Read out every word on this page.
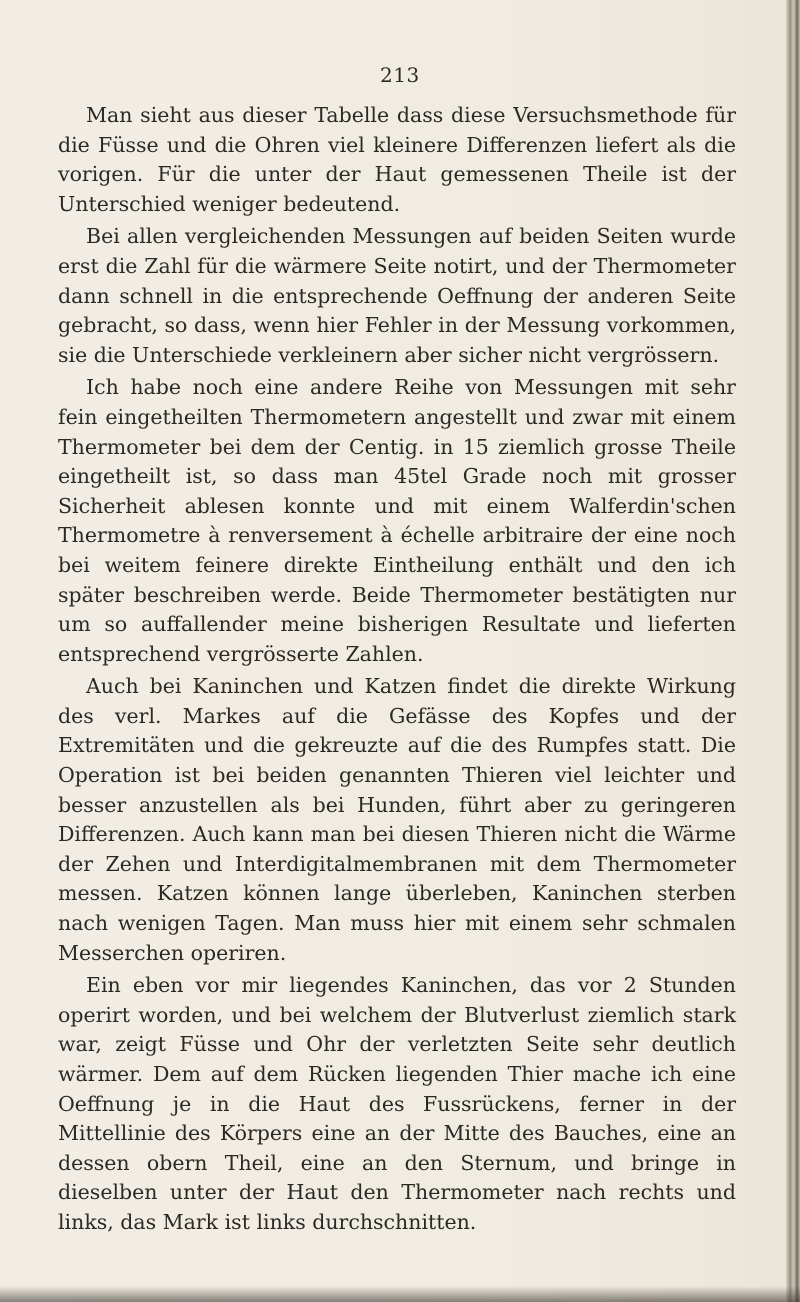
213

Man sieht aus dieser Tabelle dass diese Versuchsmethode für die Füsse und die Ohren viel kleinere Differenzen liefert als die vorigen. Für die unter der Haut gemessenen Theile ist der Unterschied weniger bedeutend.

Bei allen vergleichenden Messungen auf beiden Seiten wurde erst die Zahl für die wärmere Seite notirt, und der Thermometer dann schnell in die entsprechende Oeffnung der anderen Seite gebracht, so dass, wenn hier Fehler in der Messung vorkommen, sie die Unterschiede verkleinern aber sicher nicht vergrössern.

Ich habe noch eine andere Reihe von Messungen mit sehr fein eingetheilten Thermometern angestellt und zwar mit einem Thermometer bei dem der Centig. in 15 ziemlich grosse Theile eingetheilt ist, so dass man 45tel Grade noch mit grosser Sicherheit ablesen konnte und mit einem Walferdin'schen Thermometre à renversement à échelle arbitraire der eine noch bei weitem feinere direkte Eintheilung enthält und den ich später beschreiben werde. Beide Thermometer bestätigten nur um so auffallender meine bisherigen Resultate und lieferten entsprechend vergrösserte Zahlen.

Auch bei Kaninchen und Katzen findet die direkte Wirkung des verl. Markes auf die Gefässe des Kopfes und der Extremitäten und die gekreuzte auf die des Rumpfes statt. Die Operation ist bei beiden genannten Thieren viel leichter und besser anzustellen als bei Hunden, führt aber zu geringeren Differenzen. Auch kann man bei diesen Thieren nicht die Wärme der Zehen und Interdigitalmembranen mit dem Thermometer messen. Katzen können lange überleben, Kaninchen sterben nach wenigen Tagen. Man muss hier mit einem sehr schmalen Messerchen operiren.

Ein eben vor mir liegendes Kaninchen, das vor 2 Stunden operirt worden, und bei welchem der Blutverlust ziemlich stark war, zeigt Füsse und Ohr der verletzten Seite sehr deutlich wärmer. Dem auf dem Rücken liegenden Thier mache ich eine Oeffnung je in die Haut des Fussrückens, ferner in der Mittellinie des Körpers eine an der Mitte des Bauches, eine an dessen obern Theil, eine an den Sternum, und bringe in dieselben unter der Haut den Thermometer nach rechts und links, das Mark ist links durchschnitten.
